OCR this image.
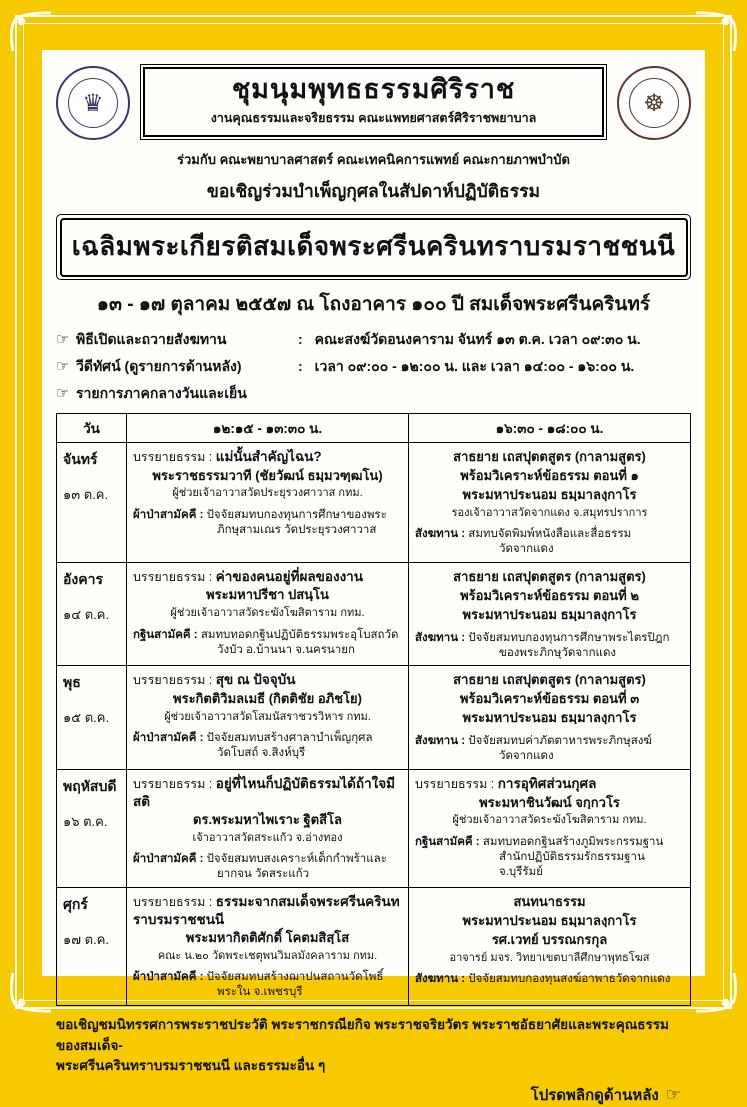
♛	ชุมนุมพุทธธรรมศิริราช
งานคุณธรรมและจริยธรรม คณะแพทยศาสตร์ศิริราชพยาบาล
☸
ร่วมกับ คณะพยาบาลศาสตร์ คณะเทคนิคการแพทย์ คณะกายภาพบำบัด
ขอเชิญร่วมบำเพ็ญกุศลในสัปดาห์ปฏิบัติธรรม
เฉลิมพระเกียรติสมเด็จพระศรีนครินทราบรมราชชนนี
๑๓ - ๑๗ ตุลาคม ๒๕๕๗ ณ โถงอาคาร ๑๐๐ ปี สมเด็จพระศรีนครินทร์
☞ พิธีเปิดและถวายสังฆทาน	: คณะสงฆ์วัดอนงคาราม จันทร์ ๑๓ ต.ค. เวลา ๐๙:๓๐ น.
☞ วีดีทัศน์ (ดูรายการด้านหลัง)	: เวลา ๐๙:๐๐ - ๑๒:๐๐ น. และ เวลา ๑๔:๐๐ - ๑๖:๐๐ น.
☞ รายการภาคกลางวันและเย็น
วัน	๑๒:๑๕ - ๑๓:๓๐ น.	๑๖:๓๐ - ๑๘:๐๐ น.

จันทร์
๑๓ ต.ค.

บรรยายธรรม : แม่นั้นสำคัญไฉน?
พระราชธรรมวาที (ชัยวัฒน์ ธมฺมวฑฺฒโน)
ผู้ช่วยเจ้าอาวาสวัดประยุรวงศาวาส กทม.
ผ้าป่าสามัคคี : ปัจจัยสมทบกองทุนการศึกษาของพระภิกษุสามเณร วัดประยุรวงศาวาส

สาธยาย เถสปุตตสูตร (กาลามสูตร)
พร้อมวิเคราะห์ข้อธรรม ตอนที่ ๑
พระมหาประนอม ธมฺมาลงฺกาโร
รองเจ้าอาวาสวัดจากแดง จ.สมุทรปราการ
สังฆทาน : สมทบจัดพิมพ์หนังสือและสื่อธรรม วัดจากแดง

อังคาร
๑๔ ต.ค.

บรรยายธรรม : ค่าของคนอยู่ที่ผลของงาน
พระมหาปรีชา ปสนฺโน
ผู้ช่วยเจ้าอาวาสวัดระฆังโฆสิตาราม กทม.
กฐินสามัคคี : สมทบทอดกฐินปฏิบัติธรรมพระอุโบสถวัดวังบัว อ.บ้านนา จ.นครนายก

สาธยาย เถสปุตตสูตร (กาลามสูตร)
พร้อมวิเคราะห์ข้อธรรม ตอนที่ ๒
พระมหาประนอม ธมฺมาลงฺกาโร
สังฆทาน : ปัจจัยสมทบกองทุนการศึกษาพระไตรปิฎกของพระภิกษุวัดจากแดง

พุธ
๑๕ ต.ค.

บรรยายธรรม : สุข ณ ปัจจุบัน
พระกิตติวิมลเมธี (กิตติชัย อภิชโย)
ผู้ช่วยเจ้าอาวาสวัดโสมนัสราชวรวิหาร กทม.
ผ้าป่าสามัคคี : ปัจจัยสมทบสร้างศาลาบำเพ็ญกุศลวัดโบสถ์ จ.สิงห์บุรี

สาธยาย เถสปุตตสูตร (กาลามสูตร)
พร้อมวิเคราะห์ข้อธรรม ตอนที่ ๓
พระมหาประนอม ธมฺมาลงฺกาโร
สังฆทาน : ปัจจัยสมทบค่าภัตตาหารพระภิกษุสงฆ์วัดจากแดง

พฤหัสบดี
๑๖ ต.ค.

บรรยายธรรม : อยู่ที่ไหนก็ปฏิบัติธรรมได้ถ้าใจมีสติ
ดร.พระมหาไพเราะ ฐิตสีโล
เจ้าอาวาสวัดสระแก้ว จ.อ่างทอง
ผ้าป่าสามัคคี : ปัจจัยสมทบสงเคราะห์เด็กกำพร้าและยากจน วัดสระแก้ว

บรรยายธรรม : การอุทิศส่วนกุศล
พระมหาชินวัฒน์ จกฺกวโร
ผู้ช่วยเจ้าอาวาสวัดระฆังโฆสิตาราม กทม.
กฐินสามัคคี : สมทบทอดกฐินสร้างภูมิพระกรรมฐาน สำนักปฏิบัติธรรมรักธรรมฐาน จ.บุรีรัมย์

ศุกร์
๑๗ ต.ค.

บรรยายธรรม : ธรรมะจากสมเด็จพระศรีนครินทราบรมราชชนนี
พระมหากิตติศักดิ์ โคตมสิสฺโส
คณะ น.๒๐ วัดพระเชตุพนวิมลมังคลาราม กทม.
ผ้าป่าสามัคคี : ปัจจัยสมทบสร้างฌาปนสถานวัดโพธิ์พระใน จ.เพชรบุรี

สนทนาธรรม
พระมหาประนอม ธมฺมาลงฺกาโร
รศ.เวทย์ บรรณกรกุล
อาจารย์ มจร. วิทยาเขตบาลีศึกษาพุทธโฆส
สังฆทาน : ปัจจัยสมทบกองทุนสงฆ์อาพาธวัดจากแดง
ขอเชิญชมนิทรรศการพระราชประวัติ พระราชกรณียกิจ พระราชจริยวัตร พระราชอัธยาศัยและพระคุณธรรมของสมเด็จ-
พระศรีนครินทราบรมราชชนนี และธรรมะอื่น ๆ
โปรดพลิกดูด้านหลัง ☞
